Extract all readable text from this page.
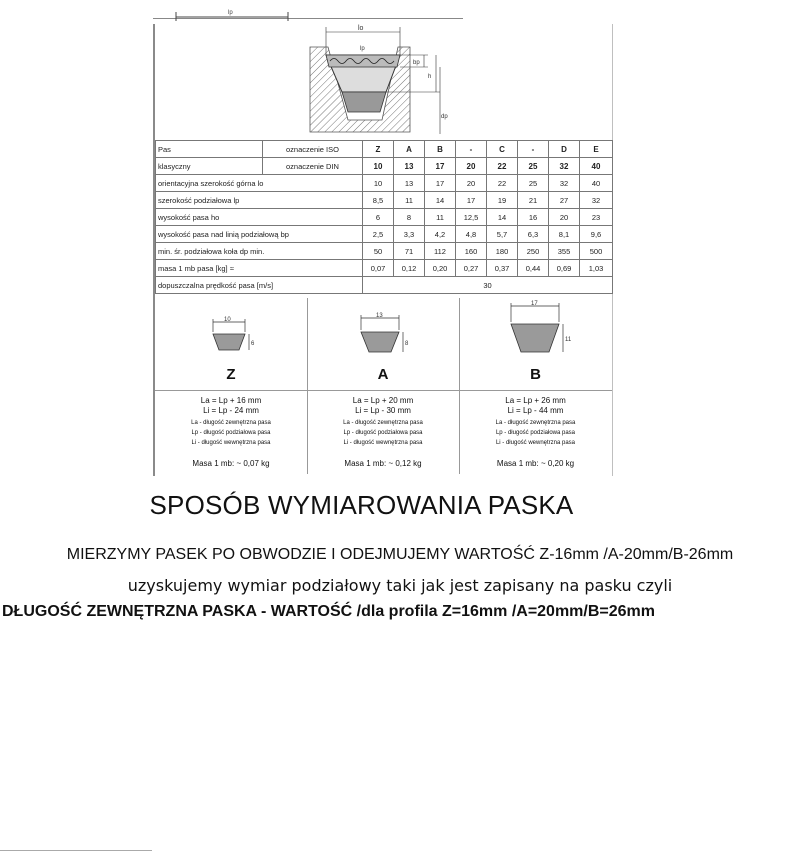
lp
lo
bp
h
dp
lp
Pas	oznaczenie ISO	Z	A	B	-	C	-	D	E
klasyczny	oznaczenie DIN	10	13	17	20	22	25	32	40
orientacyjna szerokość górna lo		10	13	17	20	22	25	32	40
szerokość podziałowa lp		8,5	11	14	17	19	21	27	32
wysokość pasa ho		6	8	11	12,5	14	16	20	23
wysokość pasa nad linią podziałową bp		2,5	3,3	4,2	4,8	5,7	6,3	8,1	9,6
min. śr. podziałowa koła dp min.		50	71	112	160	180	250	355	500
masa 1 mb pasa [kg] ≈		0,07	0,12	0,20	0,27	0,37	0,44	0,69	1,03
dopuszczalna prędkość pasa [m/s]		30							
10
6
Z
La = Lp + 16 mm
Li = Lp - 24 mm
La - długość zewnętrzna pasa
Lp - długość podziałowa pasa
Li - długość wewnętrzna pasa
Masa 1 mb: ~ 0,07 kg
13
8
A
La = Lp + 20 mm
Li = Lp - 30 mm
La - długość zewnętrzna pasa
Lp - długość podziałowa pasa
Li - długość wewnętrzna pasa
Masa 1 mb: ~ 0,12 kg
17
11
B
La = Lp + 26 mm
Li = Lp - 44 mm
La - długość zewnętrzna pasa
Lp - długość podziałowa pasa
Li - długość wewnętrzna pasa
Masa 1 mb: ~ 0,20 kg
SPOSÓB WYMIAROWANIA PASKA
MIERZYMY PASEK PO OBWODZIE I ODEJMUJEMY WARTOŚĆ Z-16mm /A-20mm/B-26mm
uzyskujemy wymiar podziałowy taki jak jest zapisany na pasku czyli
DŁUGOŚĆ ZEWNĘTRZNA PASKA - WARTOŚĆ /dla profila Z=16mm /A=20mm/B=26mm
